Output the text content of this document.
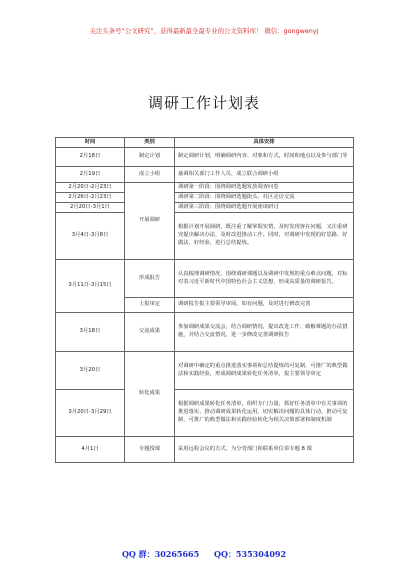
关注头条号“公文研究”，获得最新最全最专业的公文资料库！ 微信：gongwenyj
调研工作计划表
时间	类别	具体安排
2月18日	制定计划	制定调研计划，明确调研内容、对象和方式，时间和地点以及参与部门等
2月19日	成立小组	抽调相关部门工作人员，成立联合调研小组
2月20日-2月23日	开展调研	调研第一阶段：围绕调研选题发放调查问卷
2月26日-2月23日		调研第二阶段：围绕调研选题街头、社区走访交流
2月20日-3月1日		调研第三阶段：围绕调研选题开展座谈研讨
3月4日-3月8日		根据计划开展调研，既注重了解掌握实情，及时发现客在问题，又注重研究提出解决办法，及时改进推动工作。同时，对调研中发现的好思路、好做法、好经验，进行总结提炼。
3月11日-3月15日	形成报告	认真梳理调研情况，围绕调研课题以及调研中发现的重点难点问题，对标对表习近平新时代中国特色社会主义思想，形成高质量的调研报告。
	上报审定	调研报告报主要领导审阅，如有问题，及时进行修改完善
3月18日	交流成果	参加调研成果交流会，结合调研情况，提出改进工作、破解难题的办法措施，并结合交流情况，进一步修改完善调研报告
3月20日	转化成果	对调研中确定的重点推进落实事项和总结提炼的可复制、可推广的典型做法和实践经验，形成调研成果转化任务清单，报主要领导审定
3月20日-3月29日		根据调研成果转化任务清单，组织专门力量，抓好任务清单中有关事项的推进落实，推动调研成果转化运用，切实解决问题的具体行动，推动可复制、可推广的典型做法和实践经验转化为相关决策部署和制度机制
4月1日	专题授课	采用远程会议的方式，为分管部门和联系单位讲专题 8 课
QQ 群：30265665 QQ：535304092
